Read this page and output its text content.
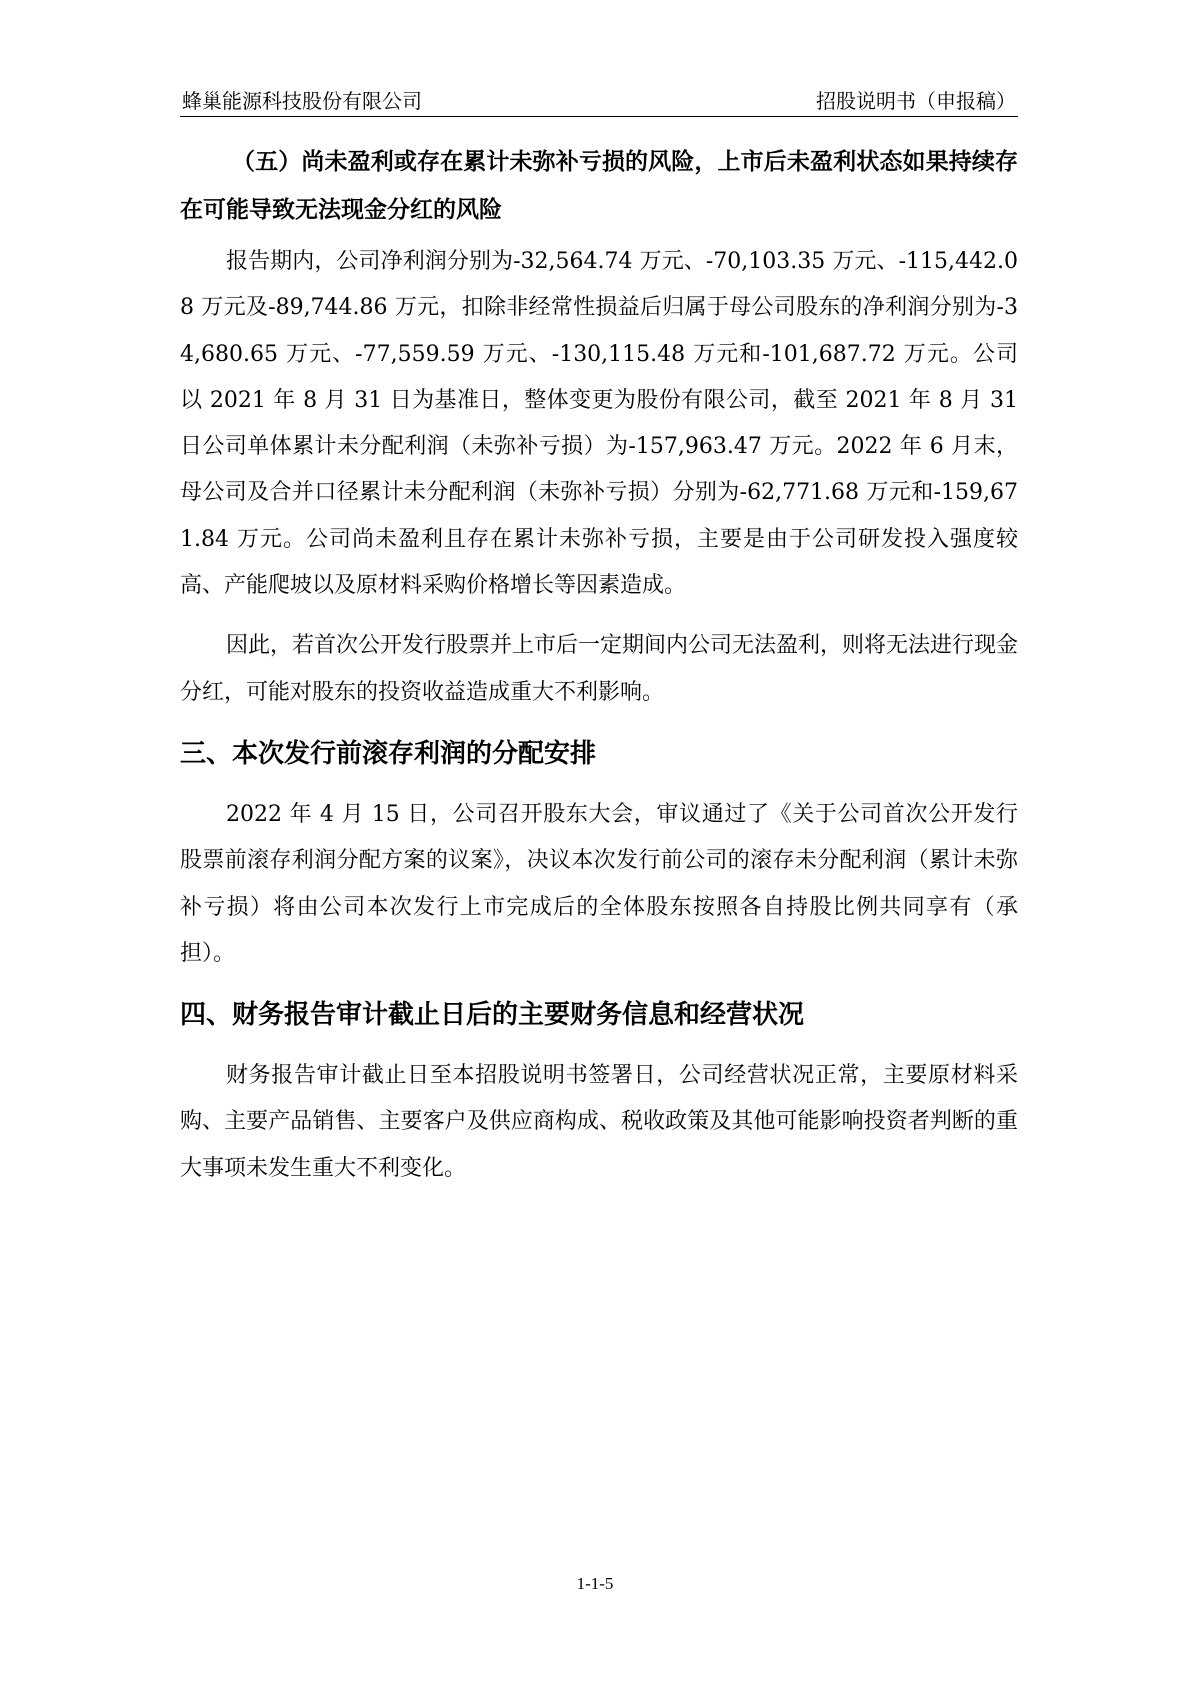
蜂巢能源科技股份有限公司	招股说明书（申报稿）
（五）尚未盈利或存在累计未弥补亏损的风险，上市后未盈利状态如果持续存在可能导致无法现金分红的风险

报告期内，公司净利润分别为-32,564.74 万元、-70,103.35 万元、-115,442.08 万元及-89,744.86 万元，扣除非经常性损益后归属于母公司股东的净利润分别为-34,680.65 万元、-77,559.59 万元、-130,115.48 万元和-101,687.72 万元。公司以 2021 年 8 月 31 日为基准日，整体变更为股份有限公司，截至 2021 年 8 月 31 日公司单体累计未分配利润（未弥补亏损）为-157,963.47 万元。2022 年 6 月末，母公司及合并口径累计未分配利润（未弥补亏损）分别为-62,771.68 万元和-159,671.84 万元。公司尚未盈利且存在累计未弥补亏损，主要是由于公司研发投入强度较高、产能爬坡以及原材料采购价格增长等因素造成。

因此，若首次公开发行股票并上市后一定期间内公司无法盈利，则将无法进行现金分红，可能对股东的投资收益造成重大不利影响。

三、本次发行前滚存利润的分配安排

2022 年 4 月 15 日，公司召开股东大会，审议通过了《关于公司首次公开发行股票前滚存利润分配方案的议案》，决议本次发行前公司的滚存未分配利润（累计未弥补亏损）将由公司本次发行上市完成后的全体股东按照各自持股比例共同享有（承担）。

四、财务报告审计截止日后的主要财务信息和经营状况

财务报告审计截止日至本招股说明书签署日，公司经营状况正常，主要原材料采购、主要产品销售、主要客户及供应商构成、税收政策及其他可能影响投资者判断的重大事项未发生重大不利变化。

1-1-5
